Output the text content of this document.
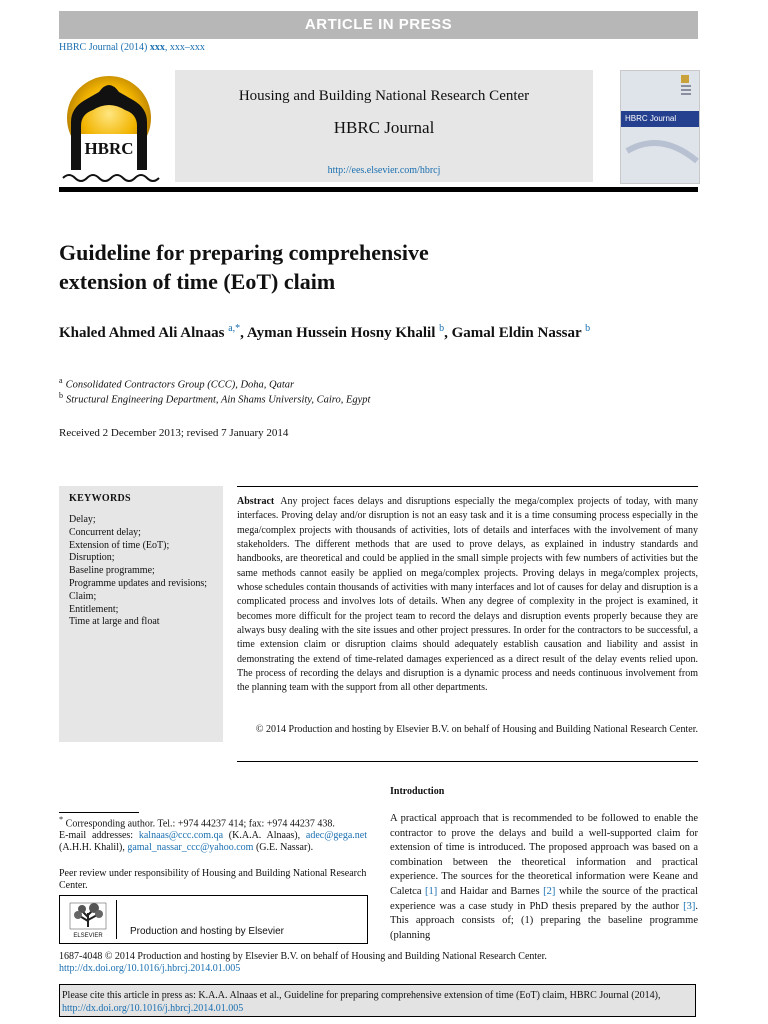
ARTICLE IN PRESS
HBRC Journal (2014) xxx, xxx–xxx
HBRC
Housing and Building National Research Center
HBRC Journal
http://ees.elsevier.com/hbrcj
HBRC Journal
Guideline for preparing comprehensive
extension of time (EoT) claim
Khaled Ahmed Ali Alnaas $^{a,*}$, Ayman Hussein Hosny Khalil $^b$, Gamal Eldin Nassar $^b$
$^a$ Consolidated Contractors Group (CCC), Doha, Qatar
$^b$ Structural Engineering Department, Ain Shams University, Cairo, Egypt
Received 2 December 2013; revised 7 January 2014
KEYWORDS
Delay;
Concurrent delay;
Extension of time (EoT);
Disruption;
Baseline programme;
Programme updates and revisions;
Claim;
Entitlement;
Time at large and float
Abstract Any project faces delays and disruptions especially the mega/complex projects of today, with many interfaces. Proving delay and/or disruption is not an easy task and it is a time consuming process especially in the mega/complex projects with thousands of activities, lots of details and interfaces with the involvement of many stakeholders. The different methods that are used to prove delays, as explained in industry standards and handbooks, are theoretical and could be applied in the small simple projects with few numbers of activities but the same methods cannot easily be applied on mega/complex projects. Proving delays in mega/complex projects, whose schedules contain thousands of activities with many interfaces and lot of causes for delay and disruption is a complicated process and involves lots of details. When any degree of complexity in the project is examined, it becomes more difficult for the project team to record the delays and disruption events properly because they are always busy dealing with the site issues and other project pressures. In order for the contractors to be successful, a time extension claim or disruption claims should adequately establish causation and liability and assist in demonstrating the extend of time-related damages experienced as a direct result of the delay events relied upon. The process of recording the delays and disruption is a dynamic process and needs continuous involvement from the planning team with the support from all other departments.
© 2014 Production and hosting by Elsevier B.V. on behalf of Housing and Building National Research Center.
Introduction
A practical approach that is recommended to be followed to enable the contractor to prove the delays and build a well-supported claim for extension of time is introduced. The proposed approach was based on a combination between the theoretical information and practical experience. The sources for the theoretical information were Keane and Caletca [1] and Haidar and Barnes [2] while the source of the practical experience was a case study in PhD thesis prepared by the author [3]. This approach consists of; (1) preparing the baseline programme (planning
* Corresponding author. Tel.: +974 44237 414; fax: +974 44237 438.
E-mail addresses: kalnaas@ccc.com.qa (K.A.A. Alnaas), adec@gega.net (A.H.H. Khalil), gamal_nassar_ccc@yahoo.com (G.E. Nassar).
Peer review under responsibility of Housing and Building National Research Center.
ELSEVIER	Production and hosting by Elsevier
1687-4048 © 2014 Production and hosting by Elsevier B.V. on behalf of Housing and Building National Research Center.
http://dx.doi.org/10.1016/j.hbrcj.2014.01.005
Please cite this article in press as: K.A.A. Alnaas et al., Guideline for preparing comprehensive extension of time (EoT) claim, HBRC Journal (2014), http://dx.doi.org/10.1016/j.hbrcj.2014.01.005
